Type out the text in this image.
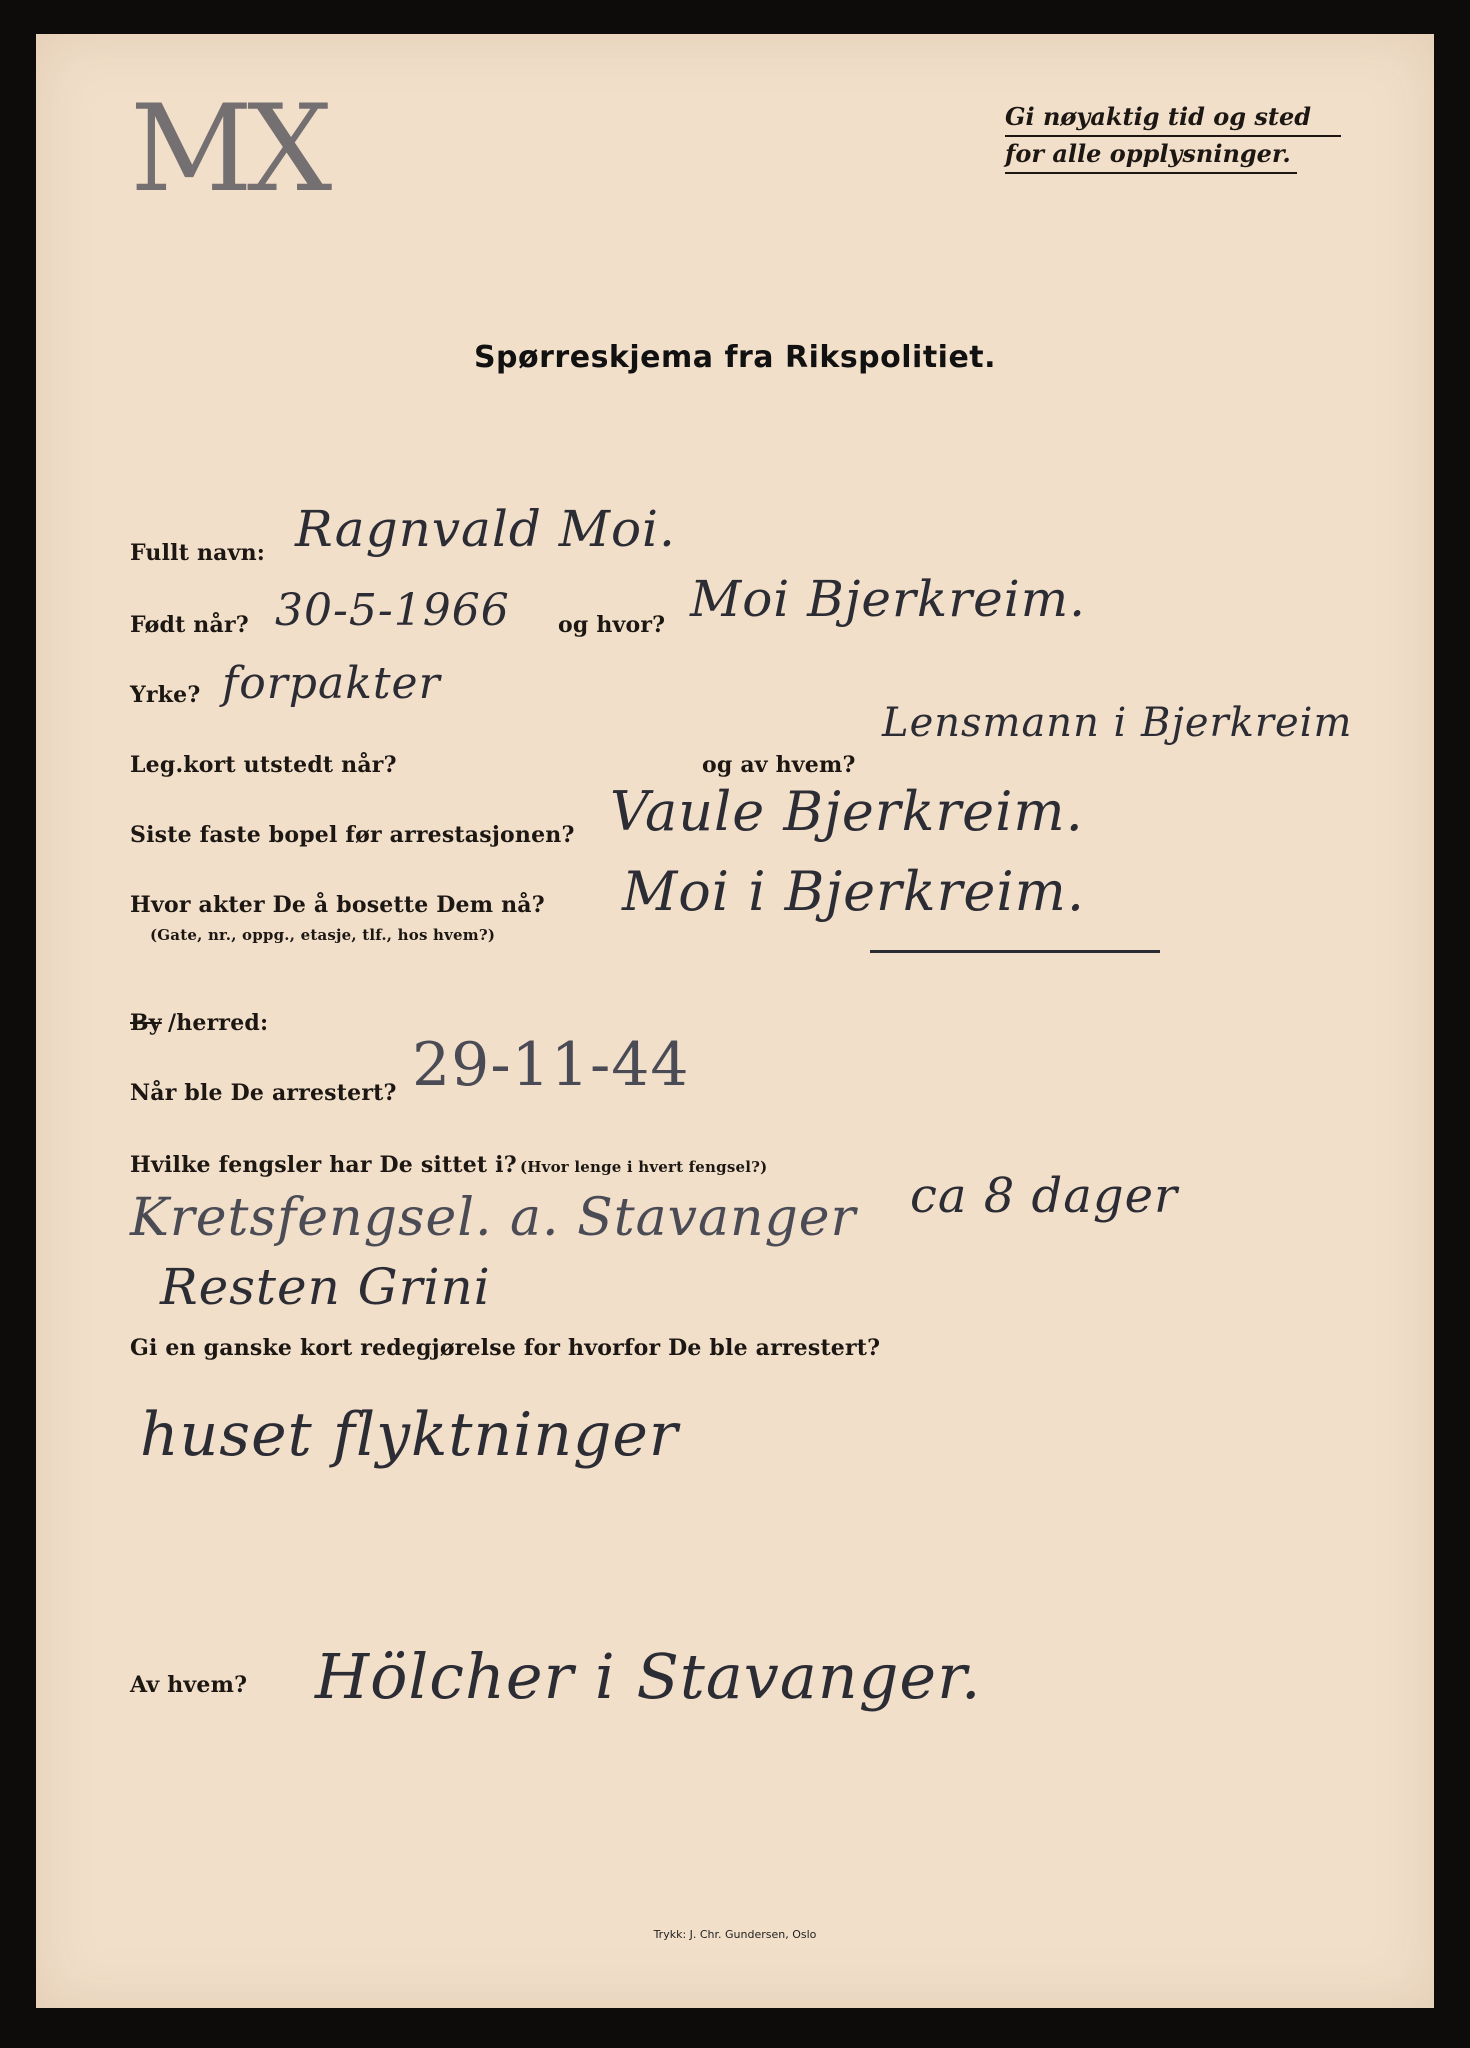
MX	Gi nøyaktig tid og sted
for alle opplysninger.
Spørreskjema fra Rikspolitiet.
Fullt navn: Ragnvald Moi.
Født når? 30-5-1966 og hvor? Moi Bjerkreim.
Yrke? forpakter
Leg.kort utstedt når?	og av hvem?
Lensmann i Bjerkreim
Siste faste bopel før arrestasjonen? Vaule Bjerkreim.
Hvor akter De å bosette Dem nå?
(Gate, nr., oppg., etasje, tlf., hos hvem?)
Moi i Bjerkreim.
By /herred:
Når ble De arrestert? 29-11-44
Hvilke fengsler har De sittet i? (Hvor lenge i hvert fengsel?)
Kretsfengsel. a. Stavanger ca 8 dager
Resten Grini
Gi en ganske kort redegjørelse for hvorfor De ble arrestert?
huset flyktninger
Av hvem? Hölcher i Stavanger.
Trykk: J. Chr. Gundersen, Oslo
